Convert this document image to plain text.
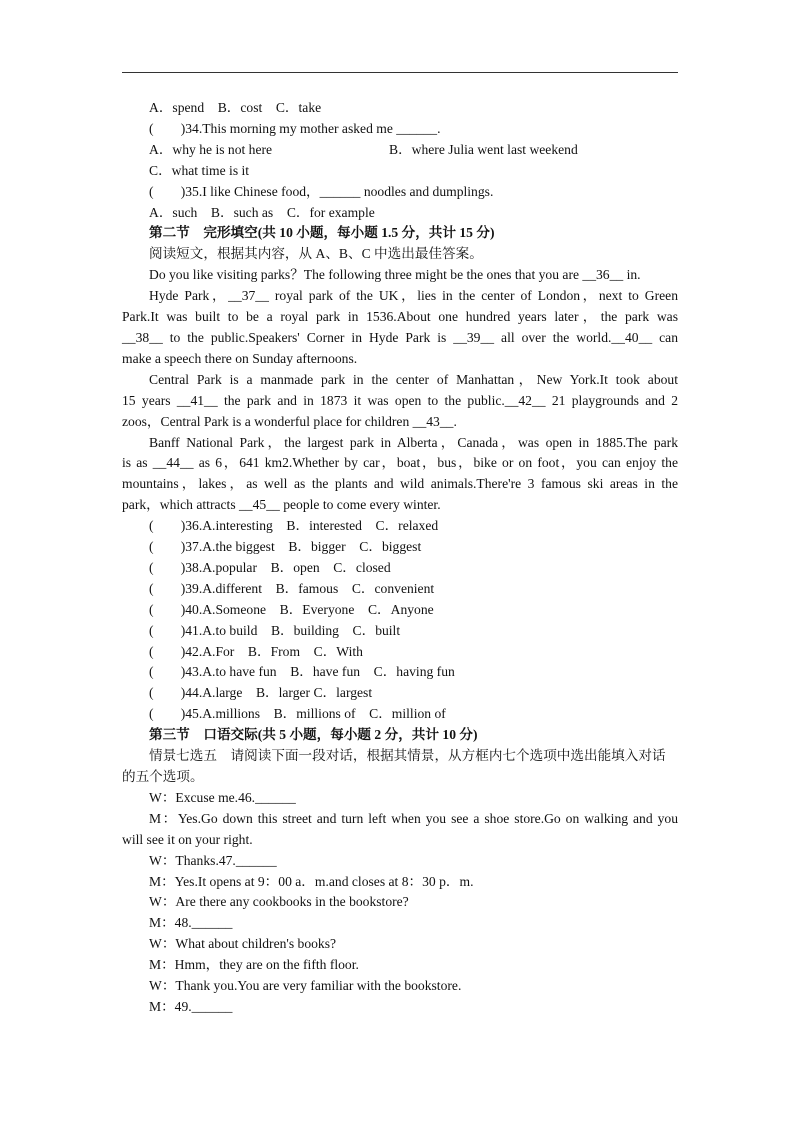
A．spend　B．cost　C．take
(　　)34.This morning my mother asked me ______.
A．why he is not here	B．where Julia went last weekend
C．what time is it
(　　)35.I like Chinese food，______ noodles and dumplings.
A．such　B．such as　C．for example
第二节　完形填空(共 10 小题，每小题 1.5 分，共计 15 分)
阅读短文，根据其内容，从 A、B、C 中选出最佳答案。
Do you like visiting parks？The following three might be the ones that you are __36__ in.
Hyde Park，__37__ royal park of the UK，lies in the center of London，next to Green
Park.It was built to be a royal park in 1536.About one hundred years later，the park was
__38__ to the public.Speakers' Corner in Hyde Park is __39__ all over the world.__40__ can
make a speech there on Sunday afternoons.
Central Park is a manmade park in the center of Manhattan，New York.It took about
15 years __41__ the park and in 1873 it was open to the public.__42__ 21 playgrounds and 2
zoos，Central Park is a wonderful place for children __43__.
Banff National Park，the largest park in Alberta，Canada，was open in 1885.The park
is as __44__ as 6，641 km2.Whether by car，boat，bus，bike or on foot，you can enjoy the
mountains，lakes，as well as the plants and wild animals.There're 3 famous ski areas in the
park，which attracts __45__ people to come every winter.
(　　)36.A.interesting　B．interested　C．relaxed
(　　)37.A.the biggest　B．bigger　C．biggest
(　　)38.A.popular　B．open　C．closed
(　　)39.A.different　B．famous　C．convenient
(　　)40.A.Someone　B．Everyone　C．Anyone
(　　)41.A.to build　B．building　C．built
(　　)42.A.For　B．From　C．With
(　　)43.A.to have fun　B．have fun　C．having fun
(　　)44.A.large　B．larger C．largest
(　　)45.A.millions　B．millions of　C．million of
第三节　口语交际(共 5 小题，每小题 2 分，共计 10 分)
情景七选五　请阅读下面一段对话，根据其情景，从方框内七个选项中选出能填入对话
的五个选项。
W：Excuse me.46.______
M：Yes.Go down this street and turn left when you see a shoe store.Go on walking and you
will see it on your right.
W：Thanks.47.______
M：Yes.It opens at 9：00 a．m.and closes at 8：30 p．m.
W：Are there any cookbooks in the bookstore?
M：48.______
W：What about children's books?
M：Hmm，they are on the fifth floor.
W：Thank you.You are very familiar with the bookstore.
M：49.______
